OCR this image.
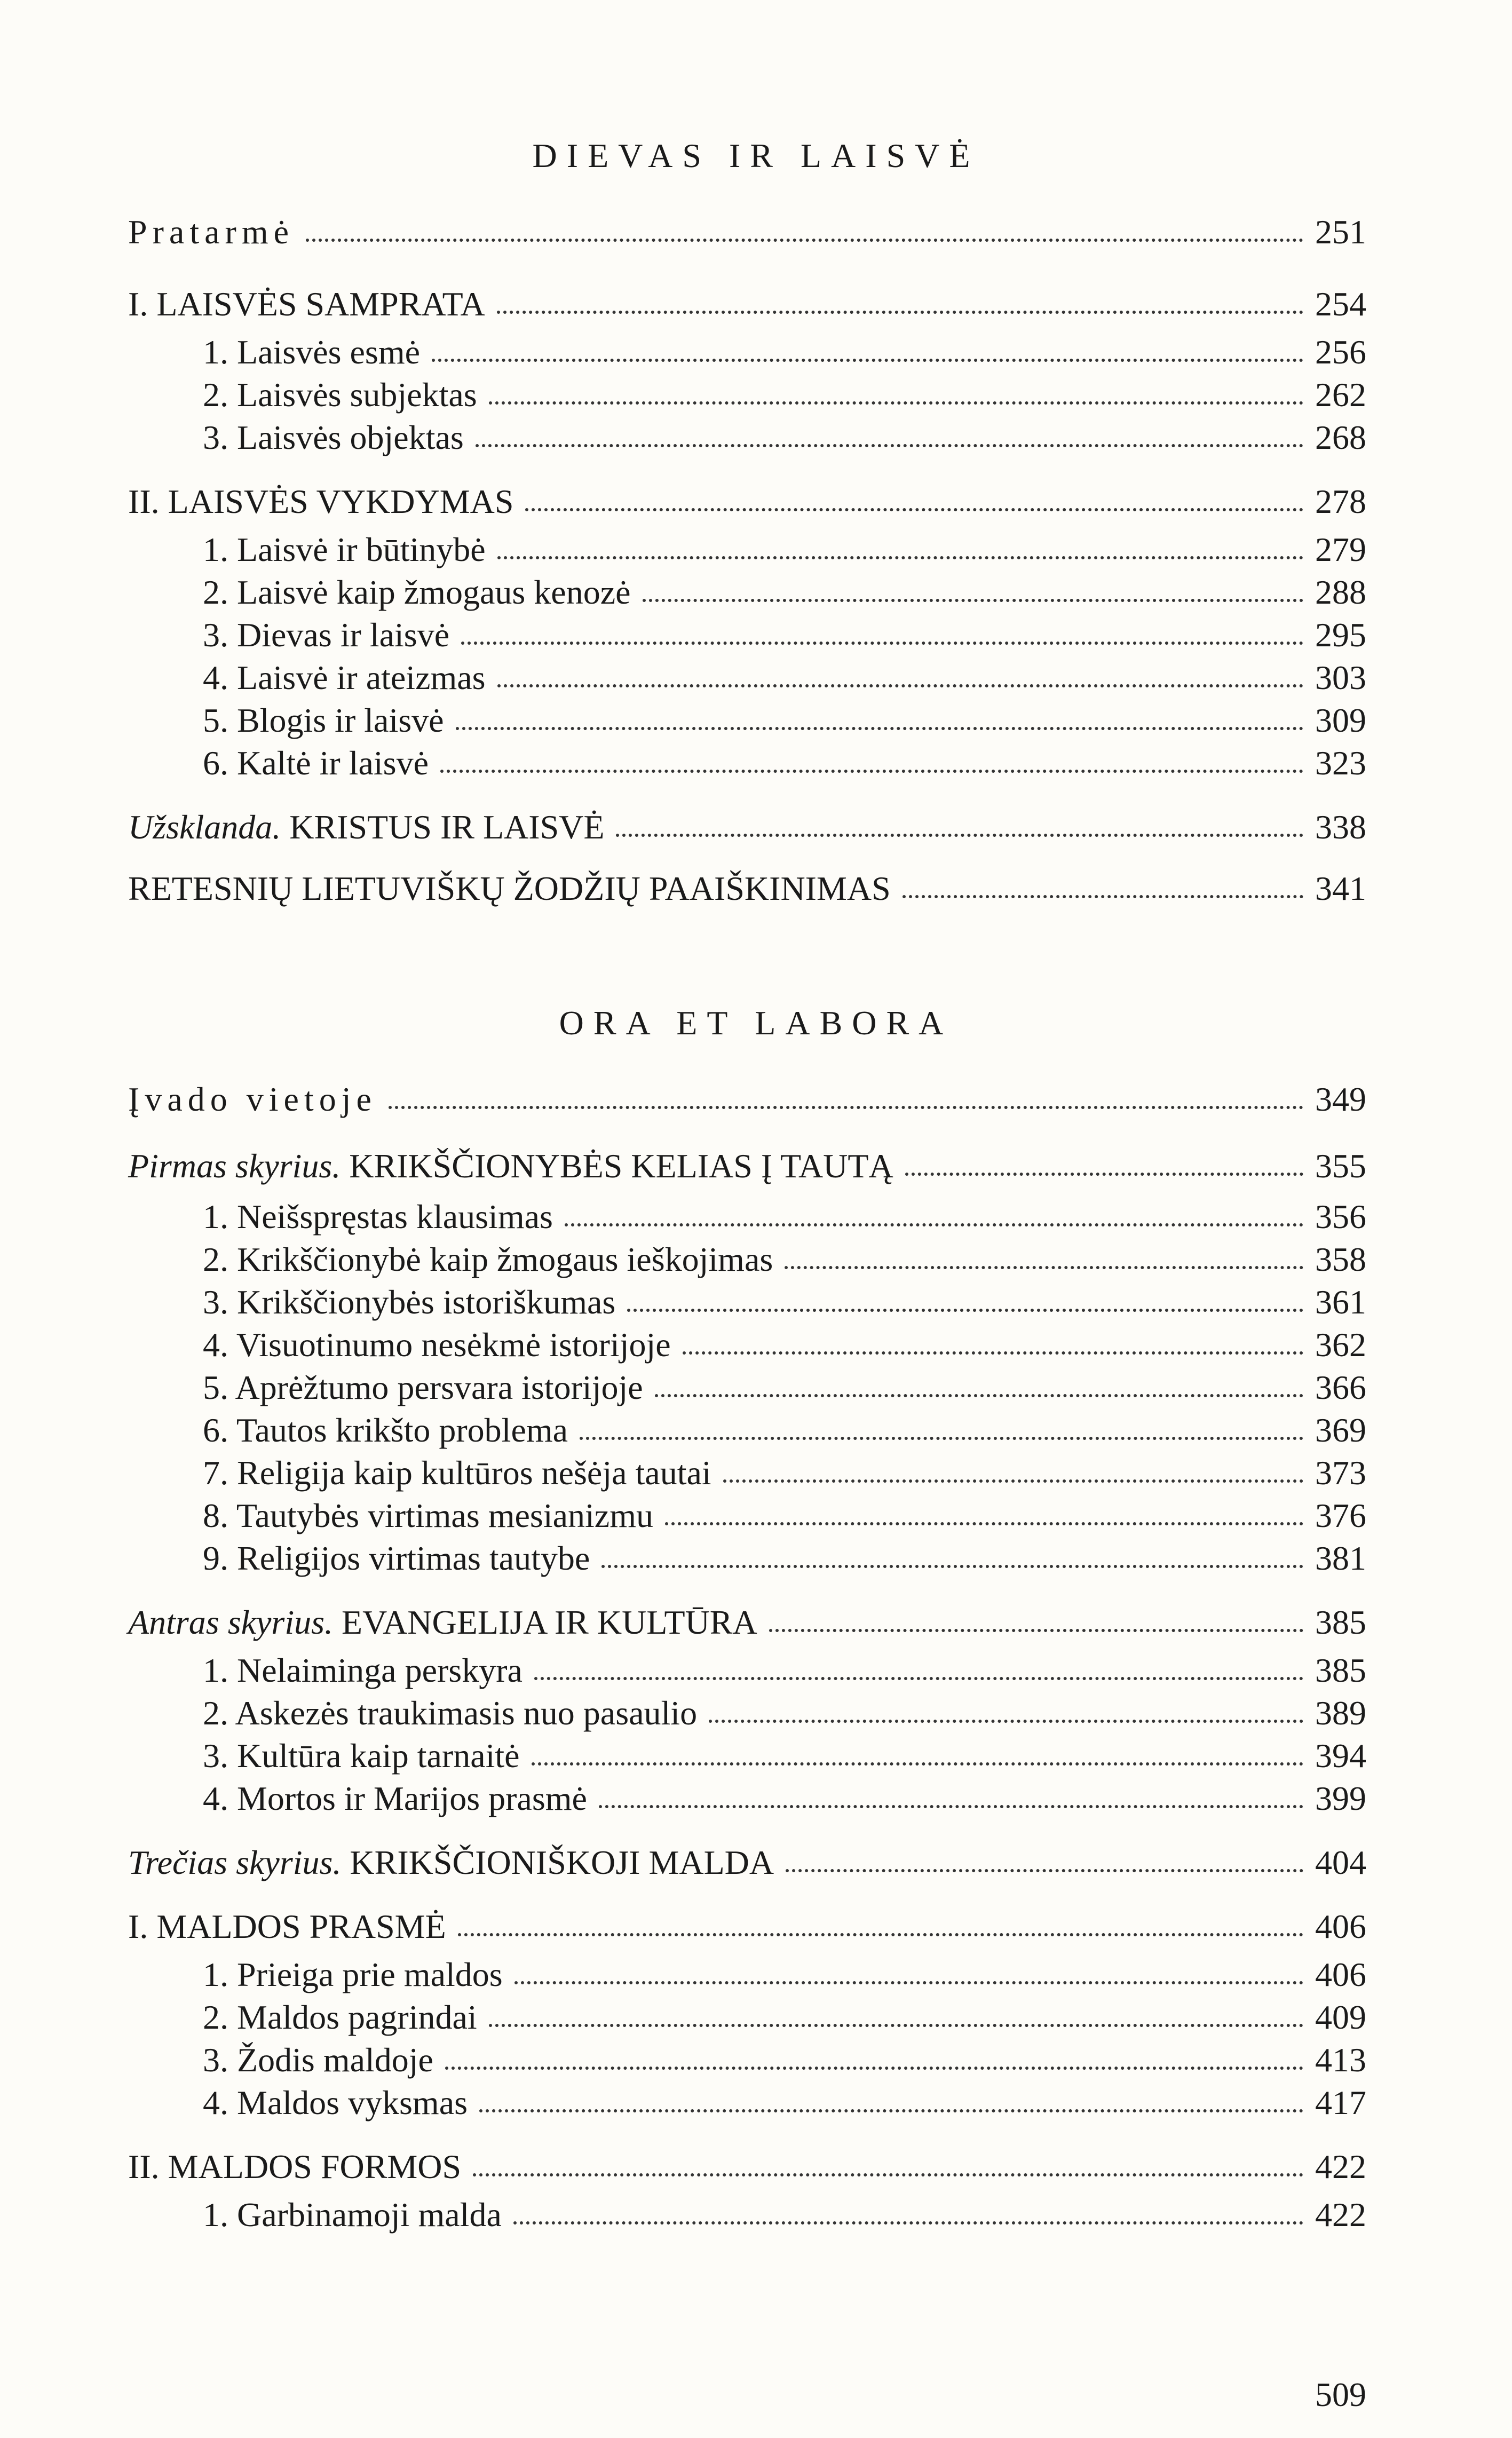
DIEVAS IR LAISVĖ
Pratarmė	251
I. LAISVĖS SAMPRATA	254
1. Laisvės esmė	256
2. Laisvės subjektas	262
3. Laisvės objektas	268
II. LAISVĖS VYKDYMAS	278
1. Laisvė ir būtinybė	279
2. Laisvė kaip žmogaus kenozė	288
3. Dievas ir laisvė	295
4. Laisvė ir ateizmas	303
5. Blogis ir laisvė	309
6. Kaltė ir laisvė	323
Užsklanda. KRISTUS IR LAISVĖ	338
RETESNIŲ LIETUVIŠKŲ ŽODŽIŲ PAAIŠKINIMAS	341
ORA ET LABORA
Įvado vietoje	349
Pirmas skyrius. KRIKŠČIONYBĖS KELIAS Į TAUTĄ	355
1. Neišspręstas klausimas	356
2. Krikščionybė kaip žmogaus ieškojimas	358
3. Krikščionybės istoriškumas	361
4. Visuotinumo nesėkmė istorijoje	362
5. Aprėžtumo persvara istorijoje	366
6. Tautos krikšto problema	369
7. Religija kaip kultūros nešėja tautai	373
8. Tautybės virtimas mesianizmu	376
9. Religijos virtimas tautybe	381
Antras skyrius. EVANGELIJA IR KULTŪRA	385
1. Nelaiminga perskyra	385
2. Askezės traukimasis nuo pasaulio	389
3. Kultūra kaip tarnaitė	394
4. Mortos ir Marijos prasmė	399
Trečias skyrius. KRIKŠČIONIŠKOJI MALDA	404
I. MALDOS PRASMĖ	406
1. Prieiga prie maldos	406
2. Maldos pagrindai	409
3. Žodis maldoje	413
4. Maldos vyksmas	417
II. MALDOS FORMOS	422
1. Garbinamoji malda	422
509
